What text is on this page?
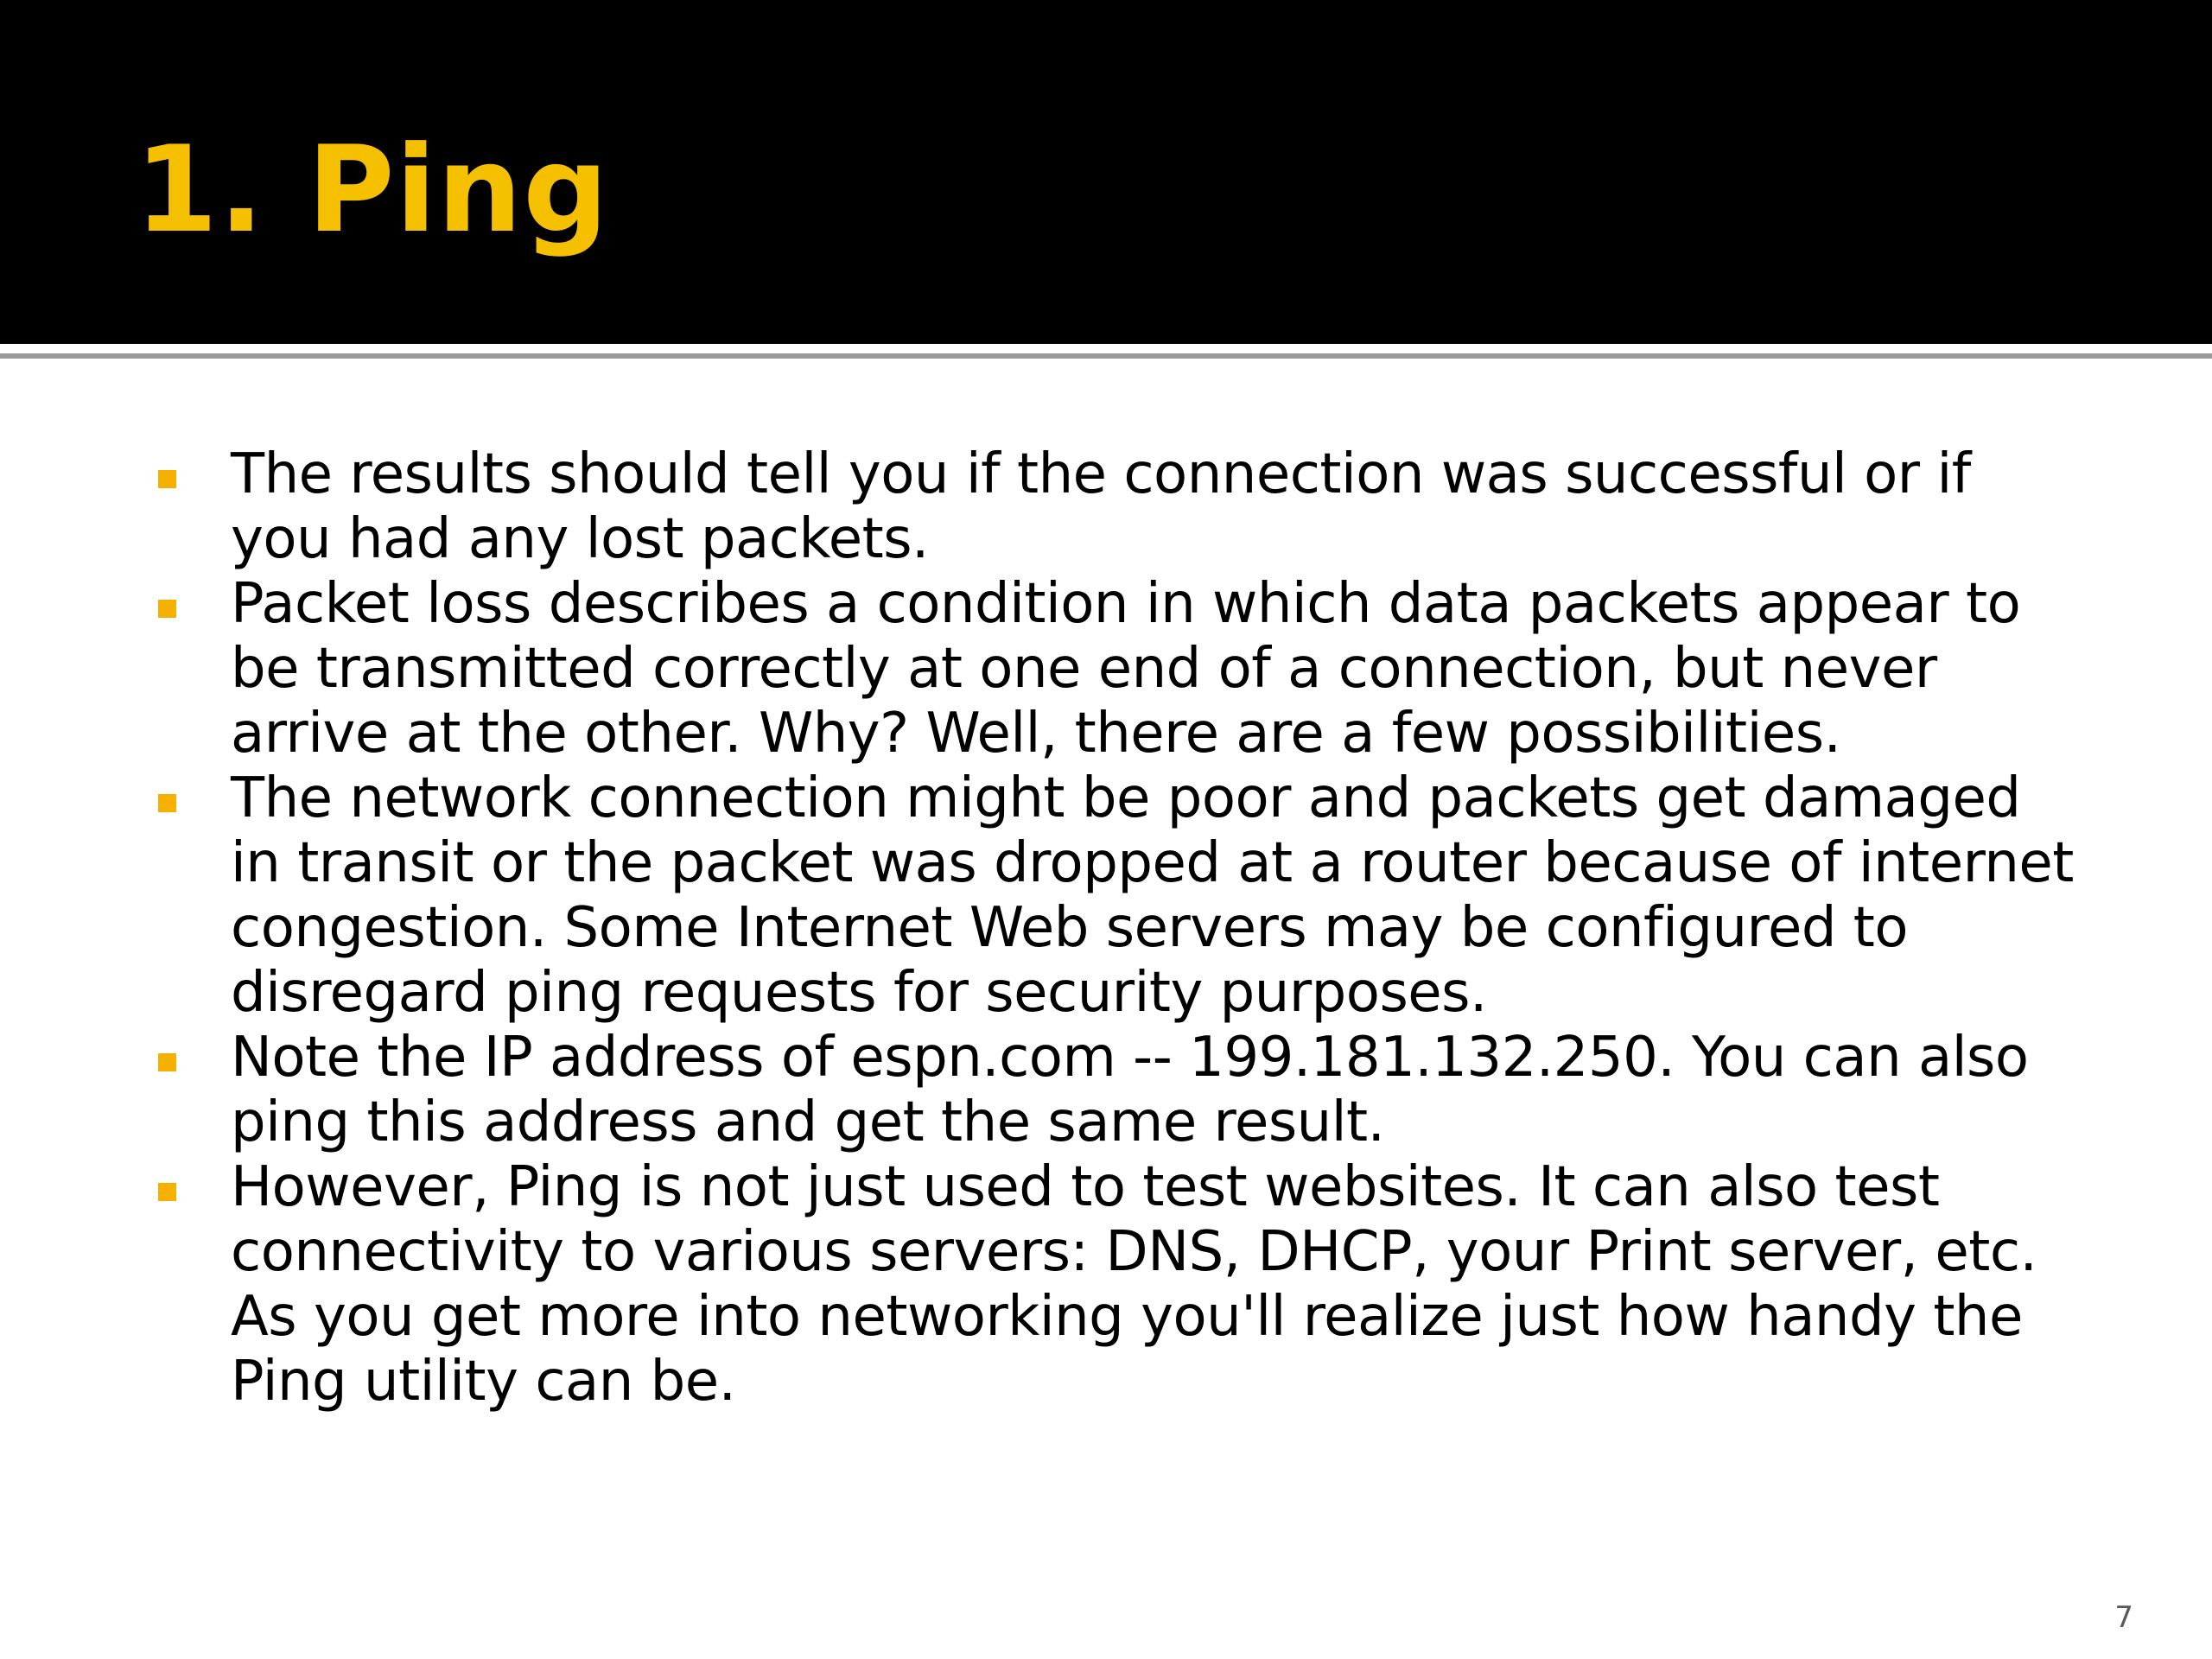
1. Ping
The results should tell you if the connection was successful or if you had any lost packets.
Packet loss describes a condition in which data packets appear to be transmitted correctly at one end of a connection, but never arrive at the other. Why? Well, there are a few possibilities.
The network connection might be poor and packets get damaged in transit or the packet was dropped at a router because of internet congestion. Some Internet Web servers may be configured to disregard ping requests for security purposes.
Note the IP address of espn.com -- 199.181.132.250. You can also ping this address and get the same result.
However, Ping is not just used to test websites. It can also test connectivity to various servers: DNS, DHCP, your Print server, etc. As you get more into networking you'll realize just how handy the Ping utility can be.
7
